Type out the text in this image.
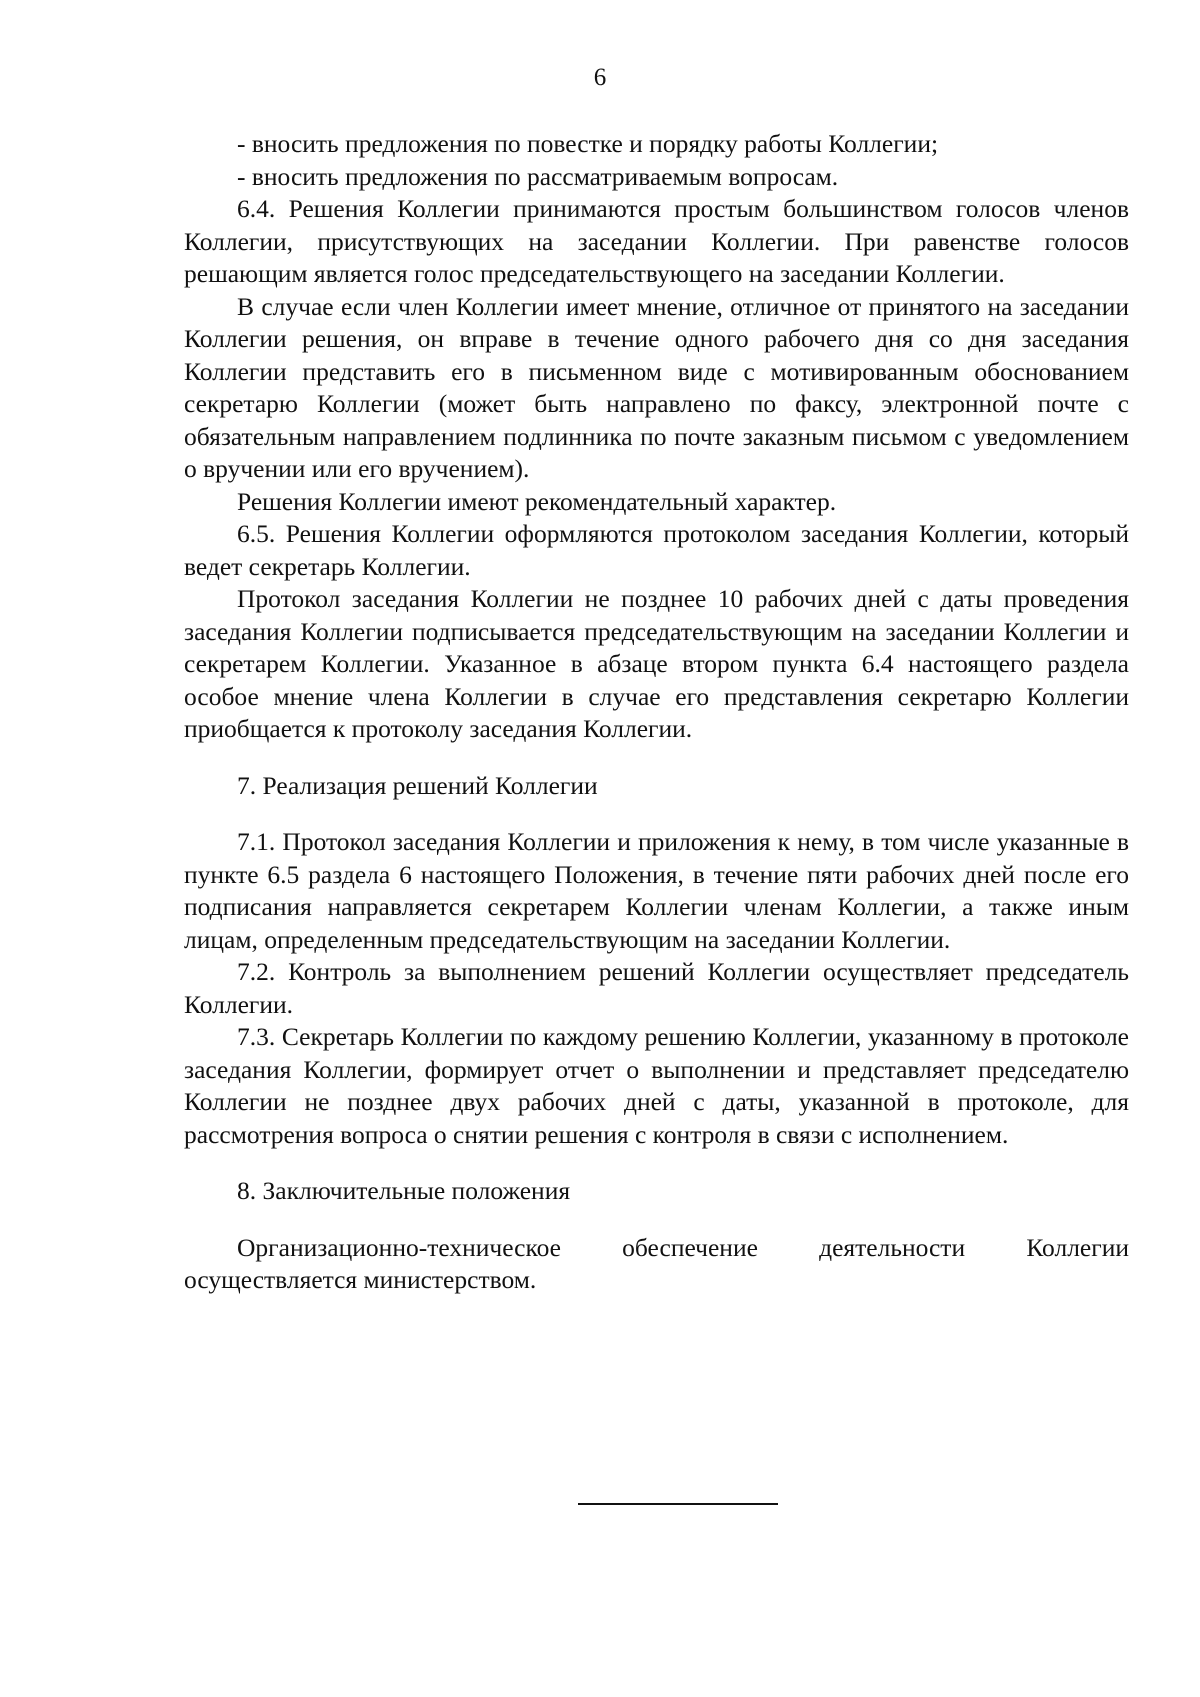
6
- вносить предложения по повестке и порядку работы Коллегии;
- вносить предложения по рассматриваемым вопросам.
6.4. Решения Коллегии принимаются простым большинством голосов членов Коллегии, присутствующих на заседании Коллегии. При равенстве голосов решающим является голос председательствующего на заседании Коллегии.
В случае если член Коллегии имеет мнение, отличное от принятого на заседании Коллегии решения, он вправе в течение одного рабочего дня со дня заседания Коллегии представить его в письменном виде с мотивированным обоснованием секретарю Коллегии (может быть направлено по факсу, электронной почте с обязательным направлением подлинника по почте заказным письмом с уведомлением о вручении или его вручением).
Решения Коллегии имеют рекомендательный характер.
6.5. Решения Коллегии оформляются протоколом заседания Коллегии, который ведет секретарь Коллегии.
Протокол заседания Коллегии не позднее 10 рабочих дней с даты проведения заседания Коллегии подписывается председательствующим на заседании Коллегии и секретарем Коллегии. Указанное в абзаце втором пункта 6.4 настоящего раздела особое мнение члена Коллегии в случае его представления секретарю Коллегии приобщается к протоколу заседания Коллегии.
7. Реализация решений Коллегии
7.1. Протокол заседания Коллегии и приложения к нему, в том числе указанные в пункте 6.5 раздела 6 настоящего Положения, в течение пяти рабочих дней после его подписания направляется секретарем Коллегии членам Коллегии, а также иным лицам, определенным председательствующим на заседании Коллегии.
7.2. Контроль за выполнением решений Коллегии осуществляет председатель Коллегии.
7.3. Секретарь Коллегии по каждому решению Коллегии, указанному в протоколе заседания Коллегии, формирует отчет о выполнении и представляет председателю Коллегии не позднее двух рабочих дней с даты, указанной в протоколе, для рассмотрения вопроса о снятии решения с контроля в связи с исполнением.
8. Заключительные положения
Организационно-техническое обеспечение деятельности Коллегии осуществляется министерством.
